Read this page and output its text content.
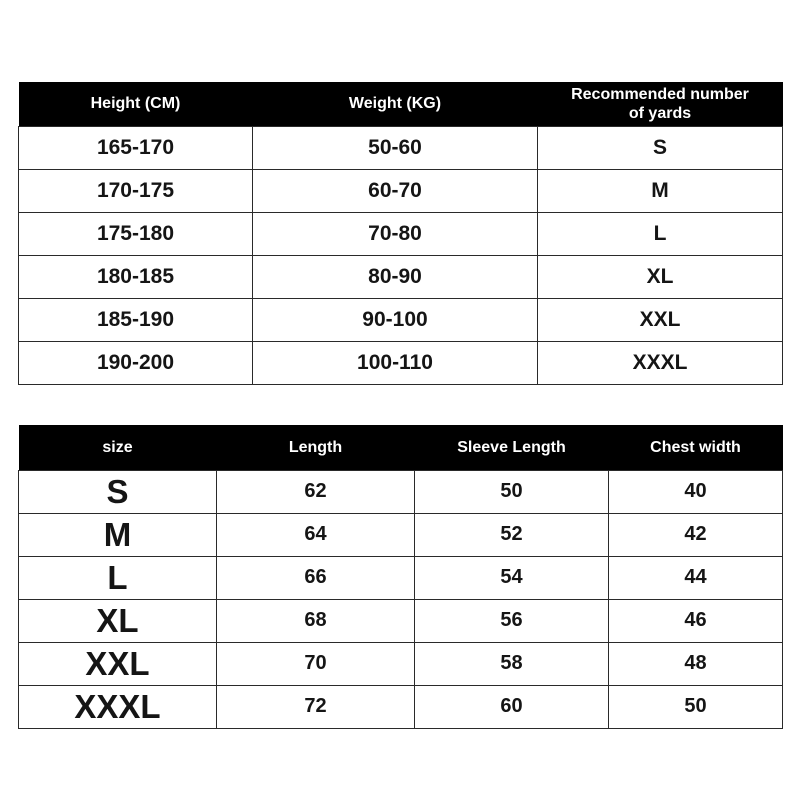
Height (CM)	Weight (KG)	Recommended number of yards
165-170	50-60	S
170-175	60-70	M
175-180	70-80	L
180-185	80-90	XL
185-190	90-100	XXL
190-200	100-110	XXXL
size	Length	Sleeve Length	Chest width
S	62	50	40
M	64	52	42
L	66	54	44
XL	68	56	46
XXL	70	58	48
XXXL	72	60	50
